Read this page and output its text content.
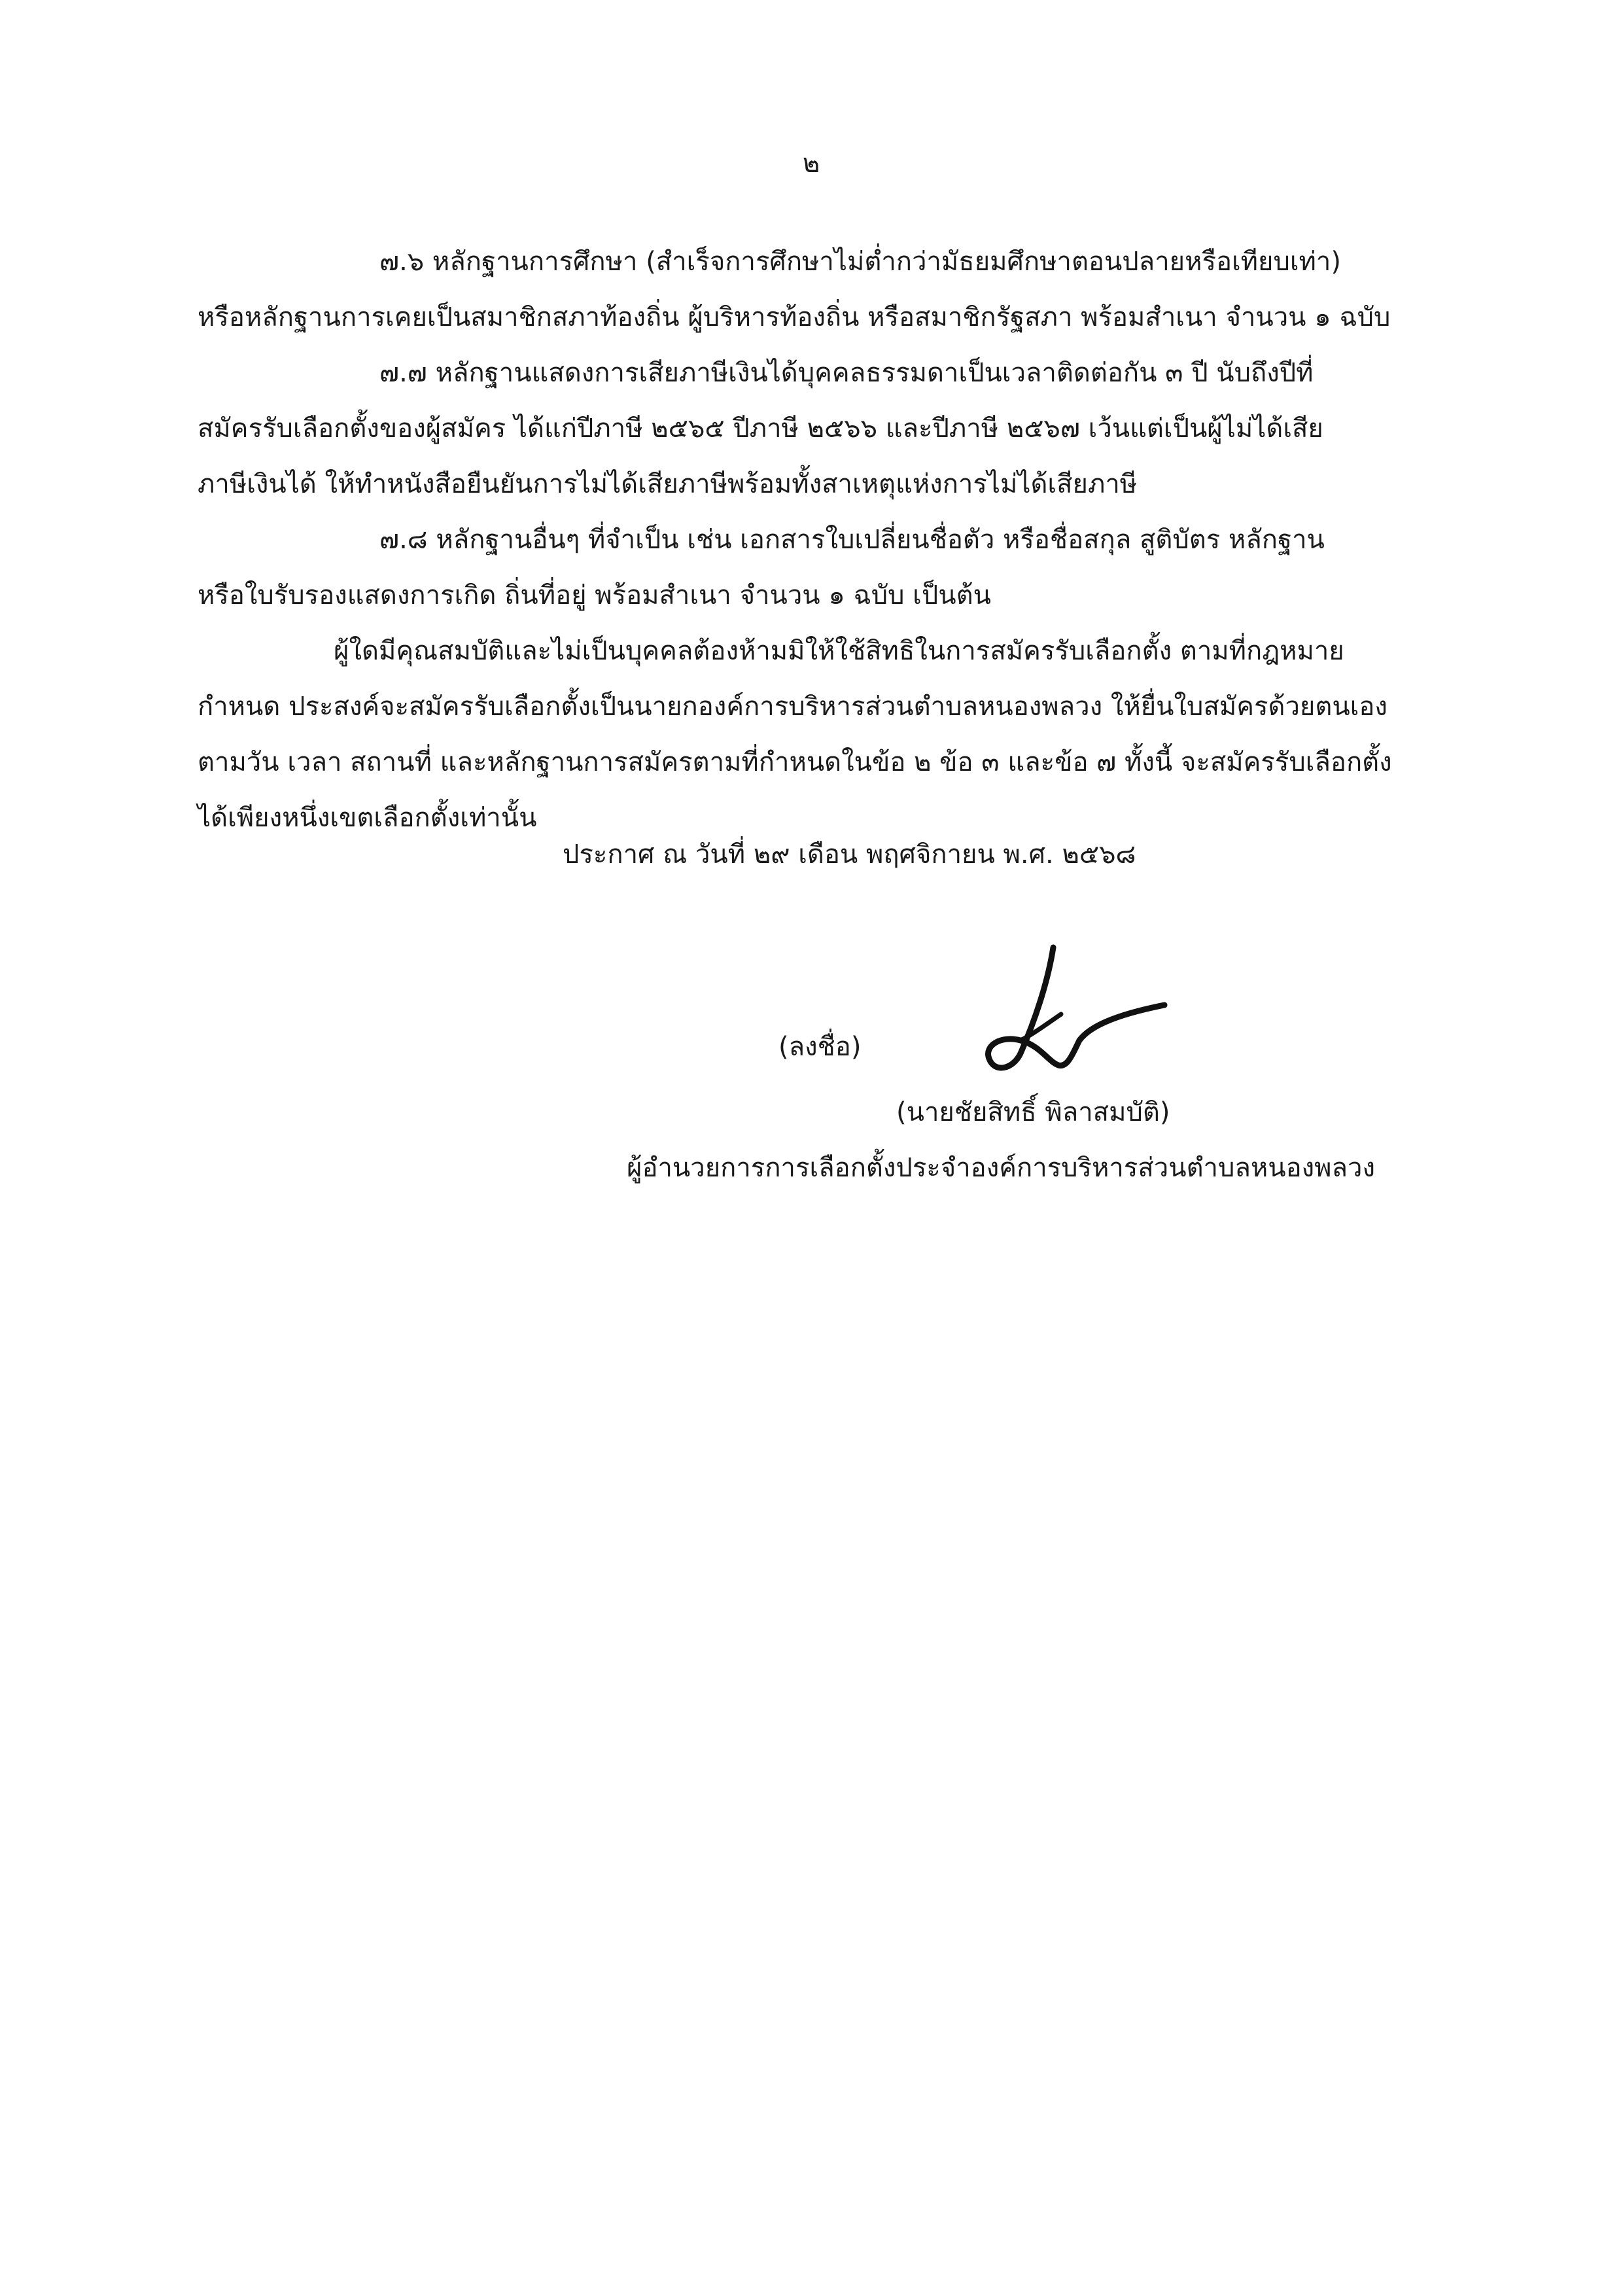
๒
๗.๖ หลักฐานการศึกษา (สำเร็จการศึกษาไม่ต่ำกว่ามัธยมศึกษาตอนปลายหรือเทียบเท่า)
หรือหลักฐานการเคยเป็นสมาชิกสภาท้องถิ่น ผู้บริหารท้องถิ่น หรือสมาชิกรัฐสภา พร้อมสำเนา จำนวน ๑ ฉบับ
๗.๗ หลักฐานแสดงการเสียภาษีเงินได้บุคคลธรรมดาเป็นเวลาติดต่อกัน ๓ ปี นับถึงปีที่
สมัครรับเลือกตั้งของผู้สมัคร ได้แก่ปีภาษี ๒๕๖๕ ปีภาษี ๒๕๖๖ และปีภาษี ๒๕๖๗ เว้นแต่เป็นผู้ไม่ได้เสีย
ภาษีเงินได้ ให้ทำหนังสือยืนยันการไม่ได้เสียภาษีพร้อมทั้งสาเหตุแห่งการไม่ได้เสียภาษี
๗.๘ หลักฐานอื่นๆ ที่จำเป็น เช่น เอกสารใบเปลี่ยนชื่อตัว หรือชื่อสกุล สูติบัตร หลักฐาน
หรือใบรับรองแสดงการเกิด ถิ่นที่อยู่ พร้อมสำเนา จำนวน ๑ ฉบับ เป็นต้น
ผู้ใดมีคุณสมบัติและไม่เป็นบุคคลต้องห้ามมิให้ใช้สิทธิในการสมัครรับเลือกตั้ง ตามที่กฎหมาย
กำหนด ประสงค์จะสมัครรับเลือกตั้งเป็นนายกองค์การบริหารส่วนตำบลหนองพลวง ให้ยื่นใบสมัครด้วยตนเอง
ตามวัน เวลา สถานที่ และหลักฐานการสมัครตามที่กำหนดในข้อ ๒ ข้อ ๓ และข้อ ๗ ทั้งนี้ จะสมัครรับเลือกตั้ง
ได้เพียงหนึ่งเขตเลือกตั้งเท่านั้น
ประกาศ ณ วันที่ ๒๙ เดือน พฤศจิกายน พ.ศ. ๒๕๖๘
(ลงชื่อ)
(นายชัยสิทธิ์ พิลาสมบัติ)
ผู้อำนวยการการเลือกตั้งประจำองค์การบริหารส่วนตำบลหนองพลวง
